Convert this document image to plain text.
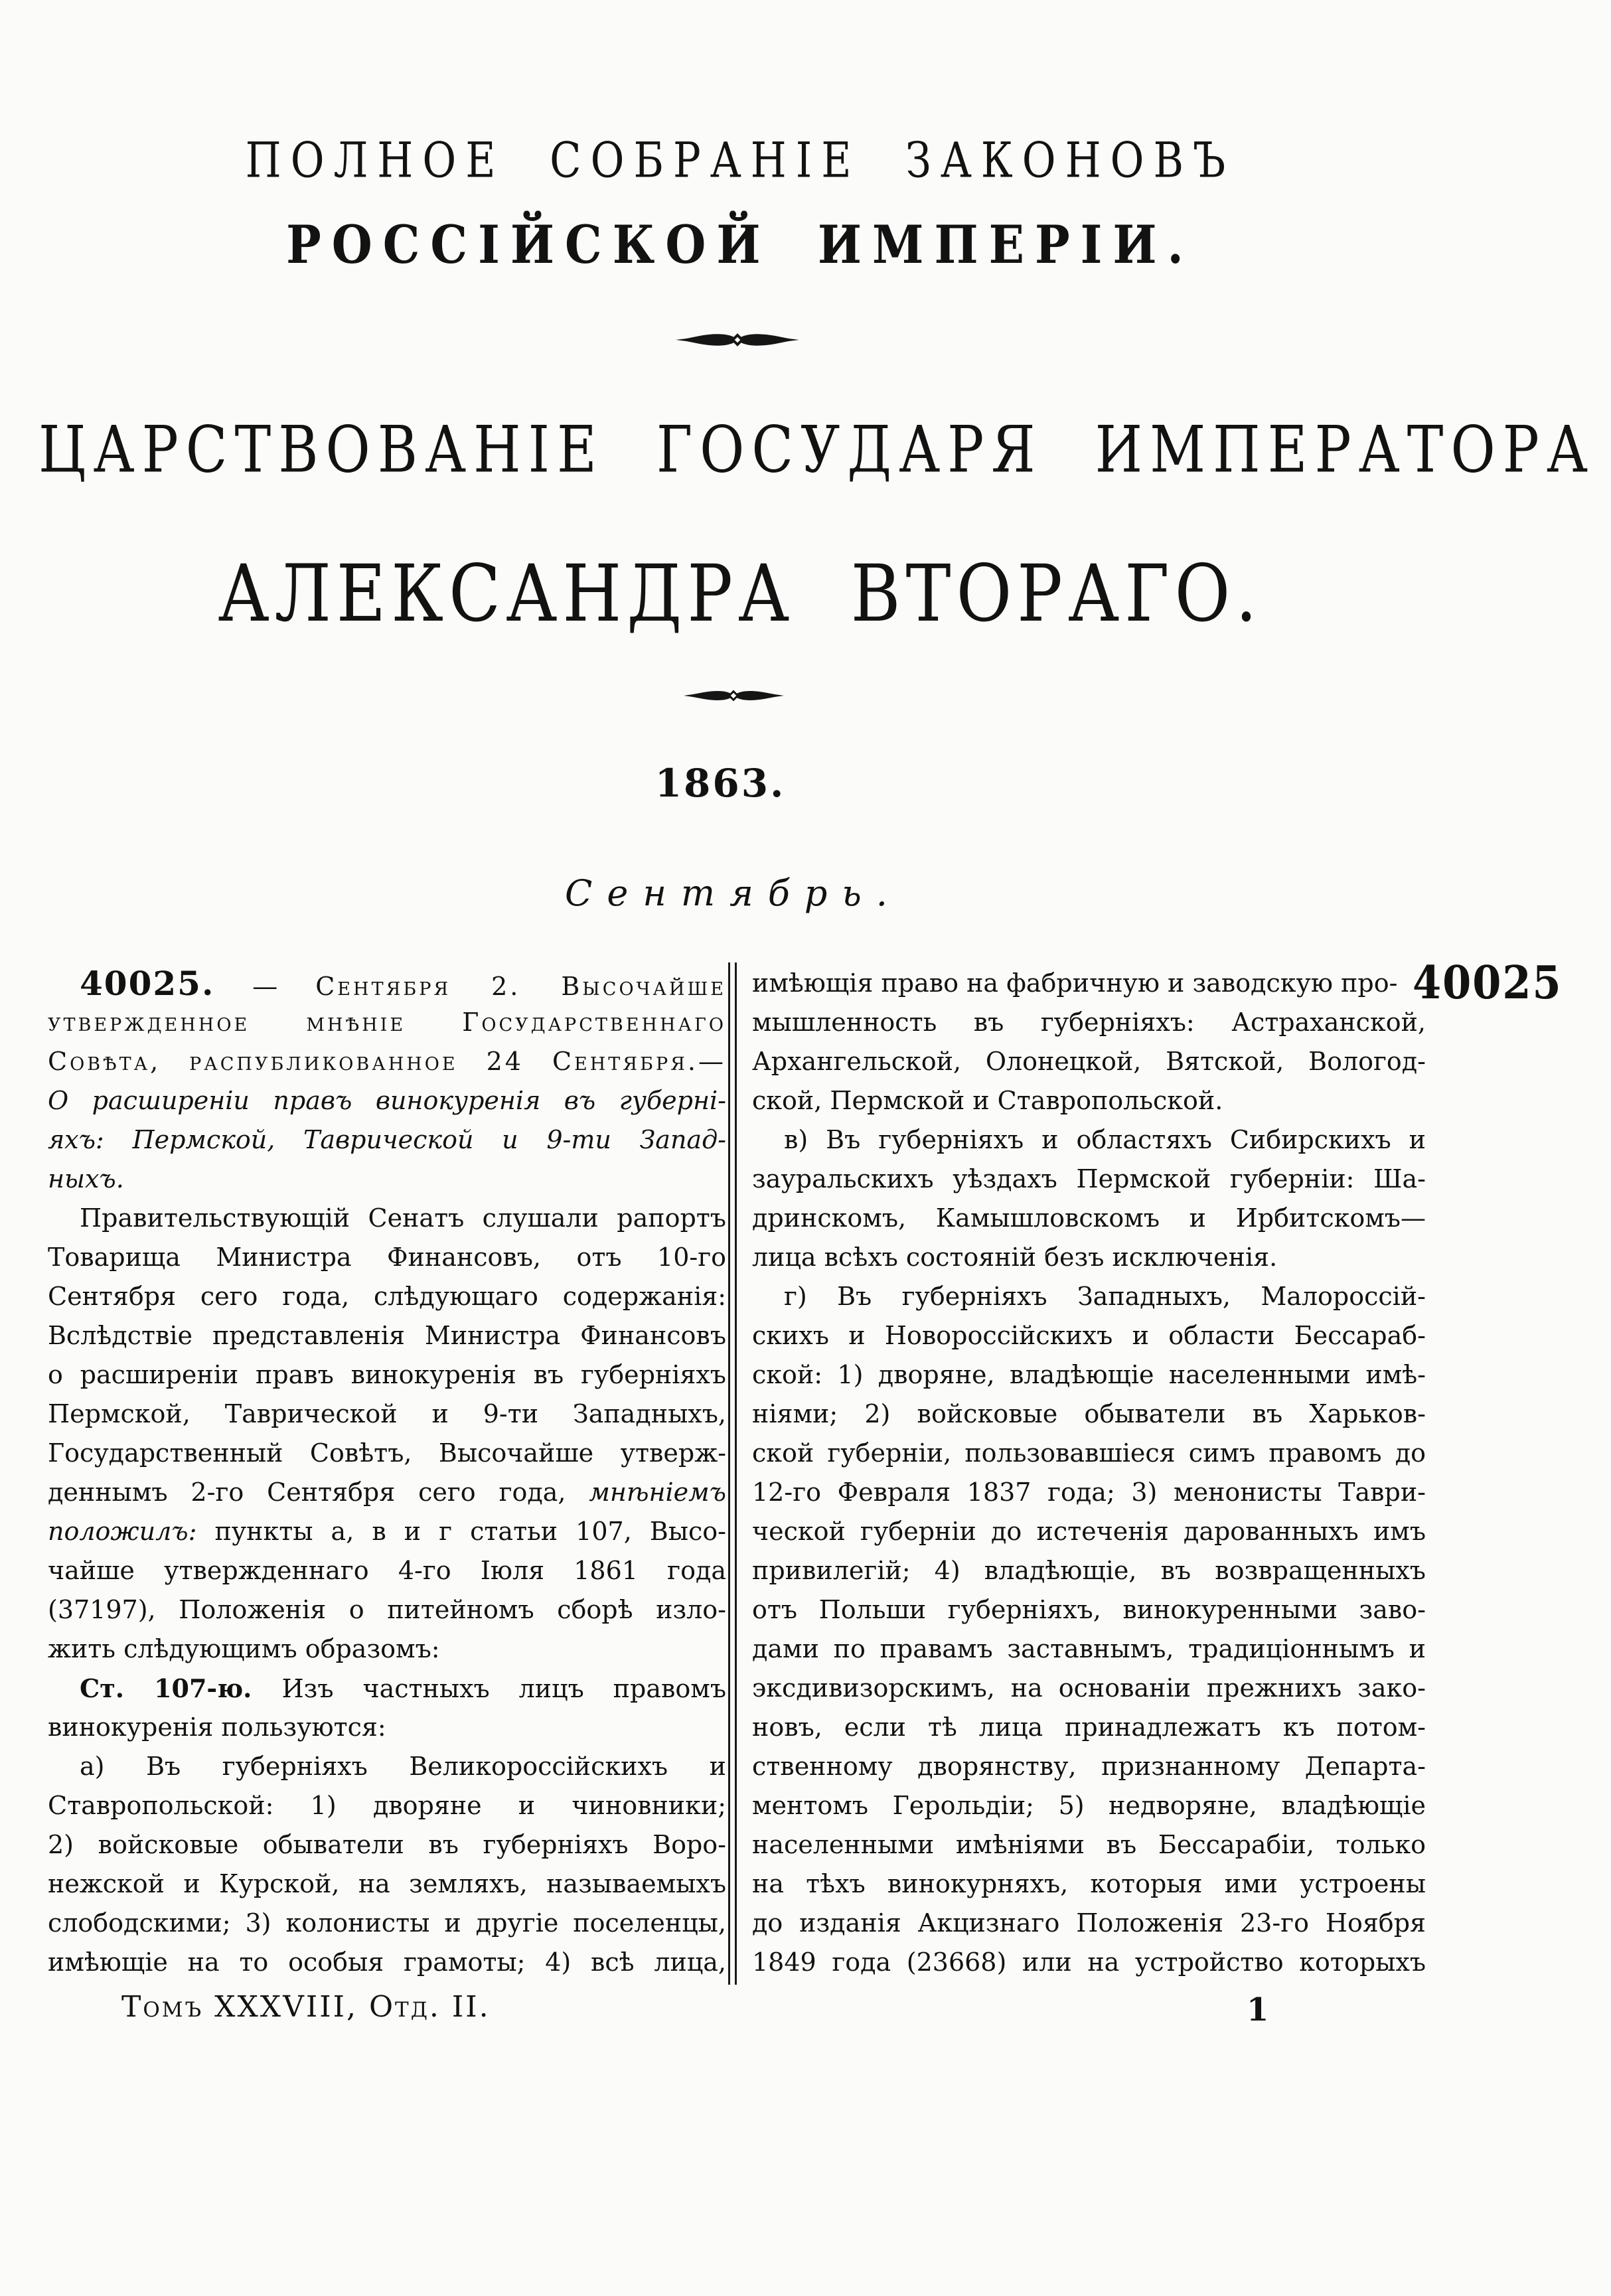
ПОЛНОЕ СОБРАНІЕ ЗАКОНОВЪ
РОССІЙСКОЙ ИМПЕРІИ.
ЦАРСТВОВАНІЕ ГОСУДАРЯ ИМПЕРАТОРА
АЛЕКСАНДРА ВТОРАГО.
1863.
Сентябрь.
40025
40025. — Сентября 2. Высочайше
утвержденное мнѣніе Государственнаго
Совѣта, распубликованное 24 Сентября.—
О расширеніи правъ винокуренія въ губерні-
яхъ: Пермской, Таврической и 9-ти Запад-
ныхъ.
Правительствующій Сенатъ слушали рапортъ
Товарища Министра Финансовъ, отъ 10-го
Сентября сего года, слѣдующаго содержанія:
Вслѣдствіе представленія Министра Финансовъ
о расширеніи правъ винокуренія въ губерніяхъ
Пермской, Таврической и 9-ти Западныхъ,
Государственный Совѣтъ, Высочайше утверж-
деннымъ 2-го Сентября сего года, мнѣніемъ
положилъ: пункты а, в и г статьи 107, Высо-
чайше утвержденнаго 4-го Іюля 1861 года
(37197), Положенія о питейномъ сборѣ изло-
жить слѣдующимъ образомъ:
Ст. 107-ю. Изъ частныхъ лицъ правомъ
винокуренія пользуются:
а) Въ губерніяхъ Великороссійскихъ и
Ставропольской: 1) дворяне и чиновники;
2) войсковые обыватели въ губерніяхъ Воро-
нежской и Курской, на земляхъ, называемыхъ
слободскими; 3) колонисты и другіе поселенцы,
имѣющіе на то особыя грамоты; 4) всѣ лица,
имѣющія право на фабричную и заводскую про-
мышленность въ губерніяхъ: Астраханской,
Архангельской, Олонецкой, Вятской, Вологод-
ской, Пермской и Ставропольской.
в) Въ губерніяхъ и областяхъ Сибирскихъ и
зауральскихъ уѣздахъ Пермской губерніи: Ша-
дринскомъ, Камышловскомъ и Ирбитскомъ—
лица всѣхъ состояній безъ исключенія.
г) Въ губерніяхъ Западныхъ, Малороссій-
скихъ и Новороссійскихъ и области Бессараб-
ской: 1) дворяне, владѣющіе населенными имѣ-
ніями; 2) войсковые обыватели въ Харьков-
ской губерніи, пользовавшіеся симъ правомъ до
12-го Февраля 1837 года; 3) менонисты Таври-
ческой губерніи до истеченія дарованныхъ имъ
привилегій; 4) владѣющіе, въ возвращенныхъ
отъ Польши губерніяхъ, винокуренными заво-
дами по правамъ заставнымъ, традиціоннымъ и
эксдивизорскимъ, на основаніи прежнихъ зако-
новъ, если тѣ лица принадлежатъ къ потом-
ственному дворянству, признанному Департа-
ментомъ Герольдіи; 5) недворяне, владѣющіе
населенными имѣніями въ Бессарабіи, только
на тѣхъ винокурняхъ, которыя ими устроены
до изданія Акцизнаго Положенія 23-го Ноября
1849 года (23668) или на устройство которыхъ
Томъ XXXVIII, Отд. II.	1
